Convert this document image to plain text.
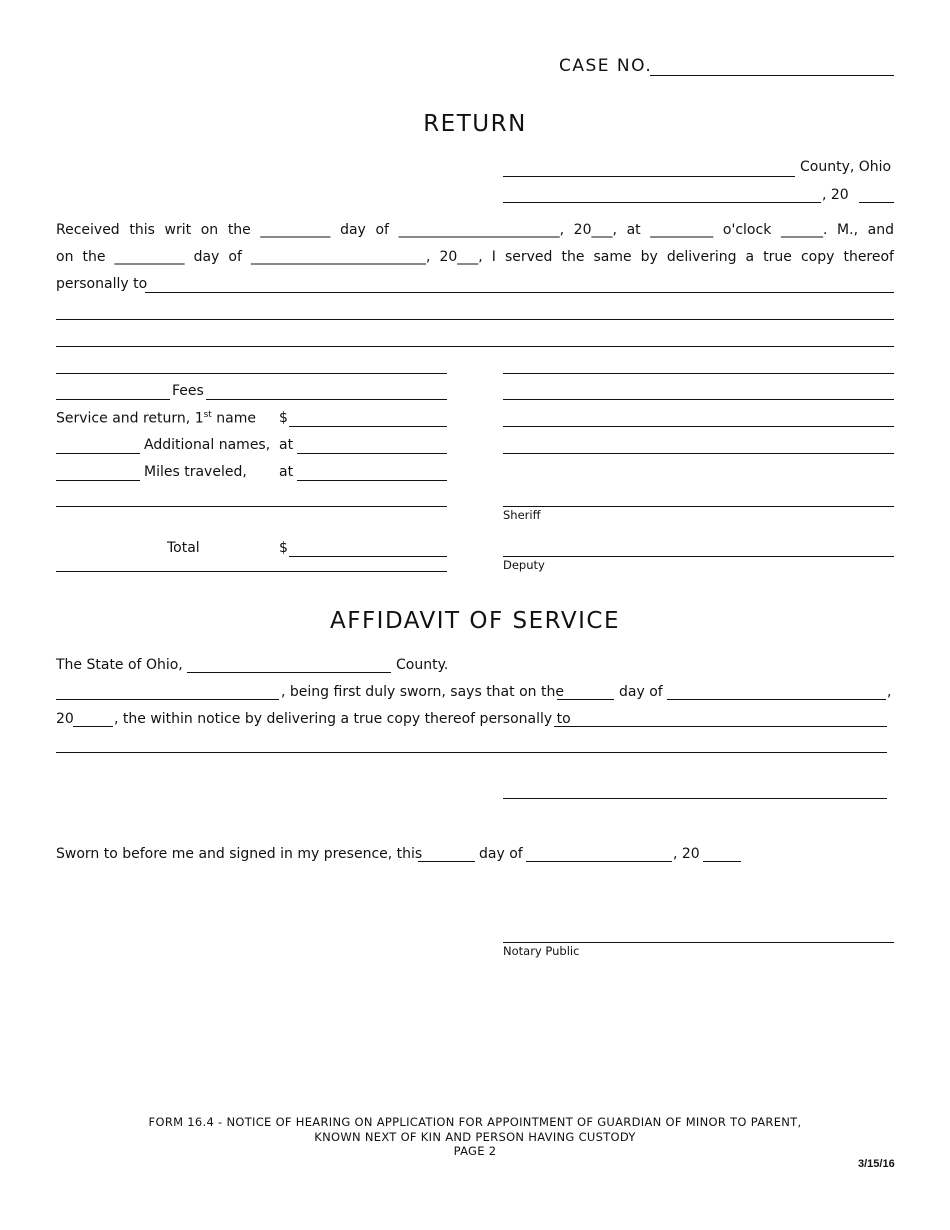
CASE NO.
RETURN
County, Ohio
, 20
Received this writ on the __________ day of _______________________, 20___, at _________ o'clock ______. M., and
on the __________ day of _________________________, 20___, I served the same by delivering a true copy thereof
personally to
Fees
Service and return, 1st name $
Additional names, at
Miles traveled, at
Total	$
Sheriff
Deputy
AFFIDAVIT OF SERVICE
The State of Ohio,	County.
, being first duly sworn, says that on the	day of	,
20	, the within notice by delivering a true copy thereof personally to
Sworn to before me and signed in my presence, this	day of	, 20
Notary Public
FORM 16.4 - NOTICE OF HEARING ON APPLICATION FOR APPOINTMENT OF GUARDIAN OF MINOR TO PARENT,
KNOWN NEXT OF KIN AND PERSON HAVING CUSTODY
PAGE 2
3/15/16
